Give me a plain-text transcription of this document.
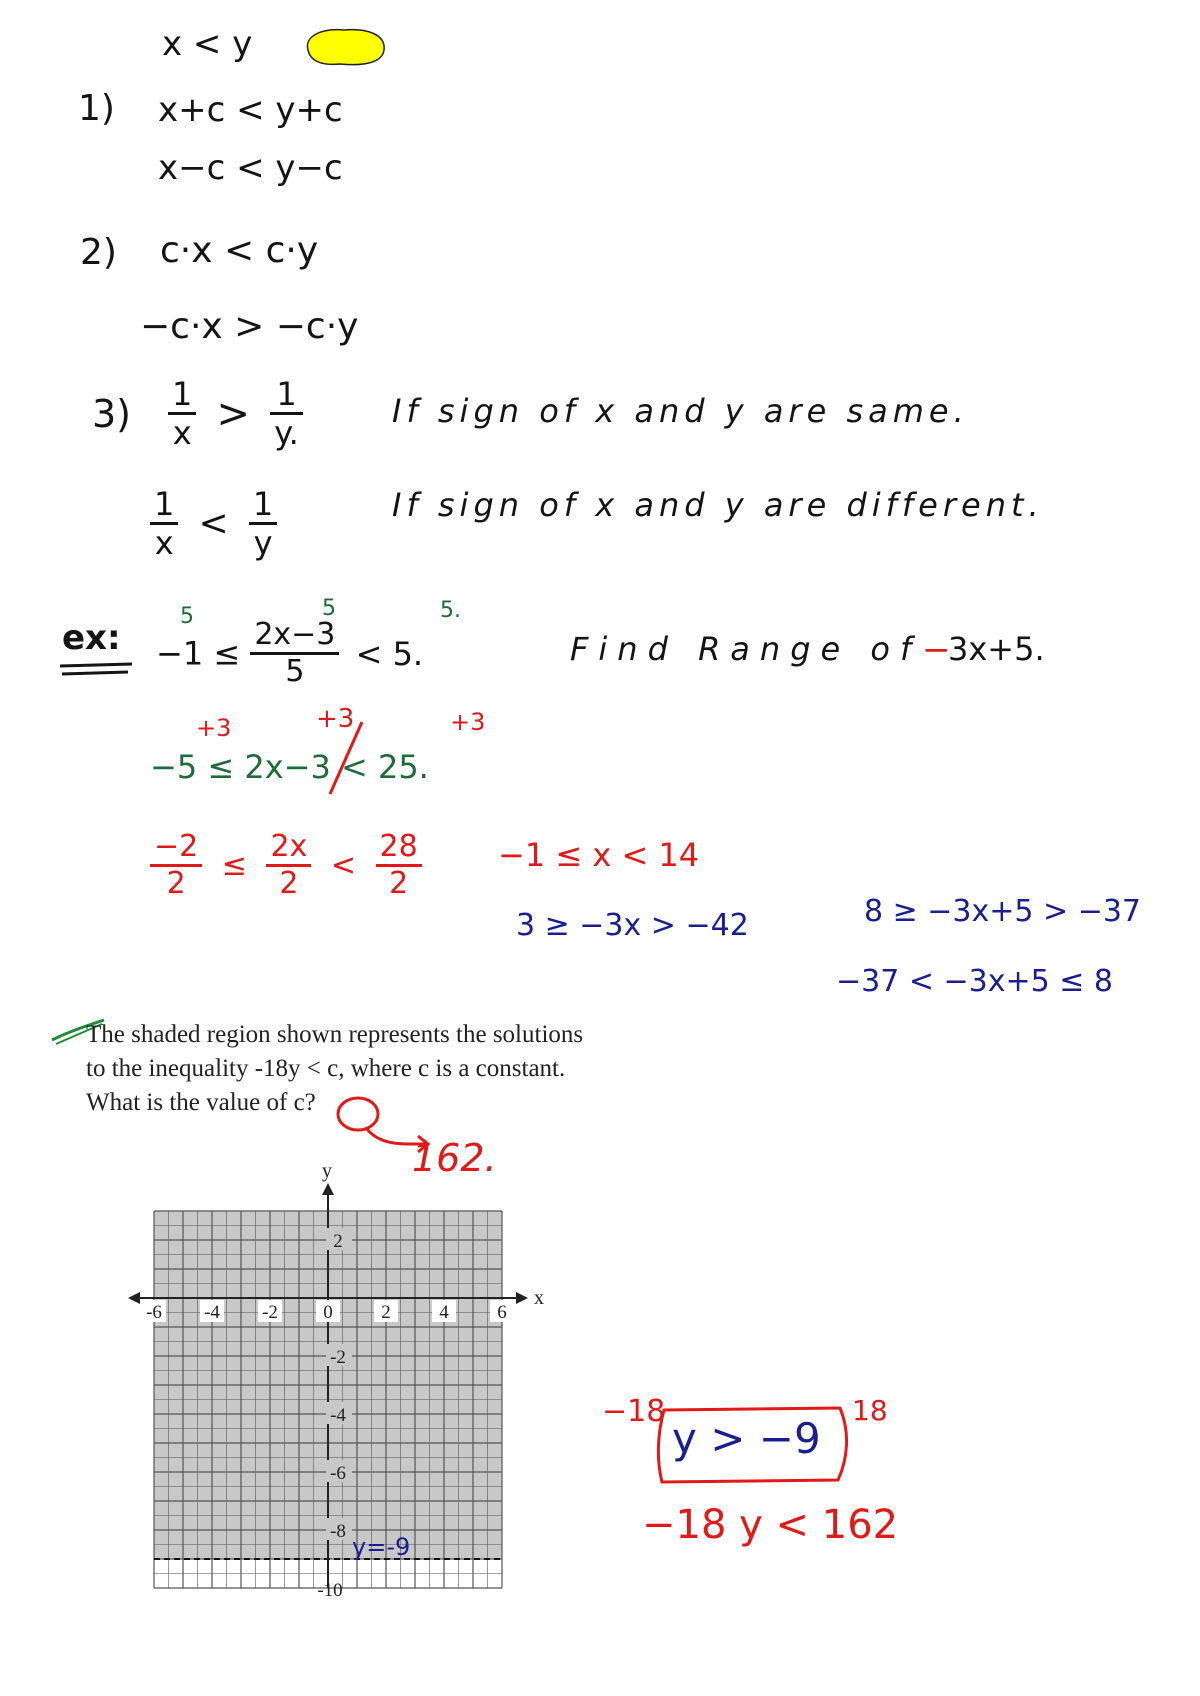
x < y
1) x+c < y+c
x−c < y−c
2) c·x < c·y
−c·x > −c·y
$3) \frac{1}{x} > \frac{1}{y.}$	If sign of x and y are same.
$\frac{1}{x} < \frac{1}{y}$	If sign of x and y are different.
ex:
5	5	5.
$-1 \le \frac{2x-3}{5} < 5$.	Find Range of −
3x+5.
+3	+3	+3
−5 ≤ 2x−3 < 25.
$\frac{-2}{2} \le \frac{2x}{2} < \frac{28}{2} -1 \le x < 14$
3 ≥ −3x > −42	8 ≥ −3x+5 > −37
−37 < −3x+5 ≤ 8
The shaded region shown represents the solutions
to the inequality -18y < c, where c is a constant.
What is the value of c?
162.
x
y
-6 -4 -2 0	2	4	6
2
-2
-4
-6
-8
-10
y=-9
−18	18
y > −9
−18 y < 162
